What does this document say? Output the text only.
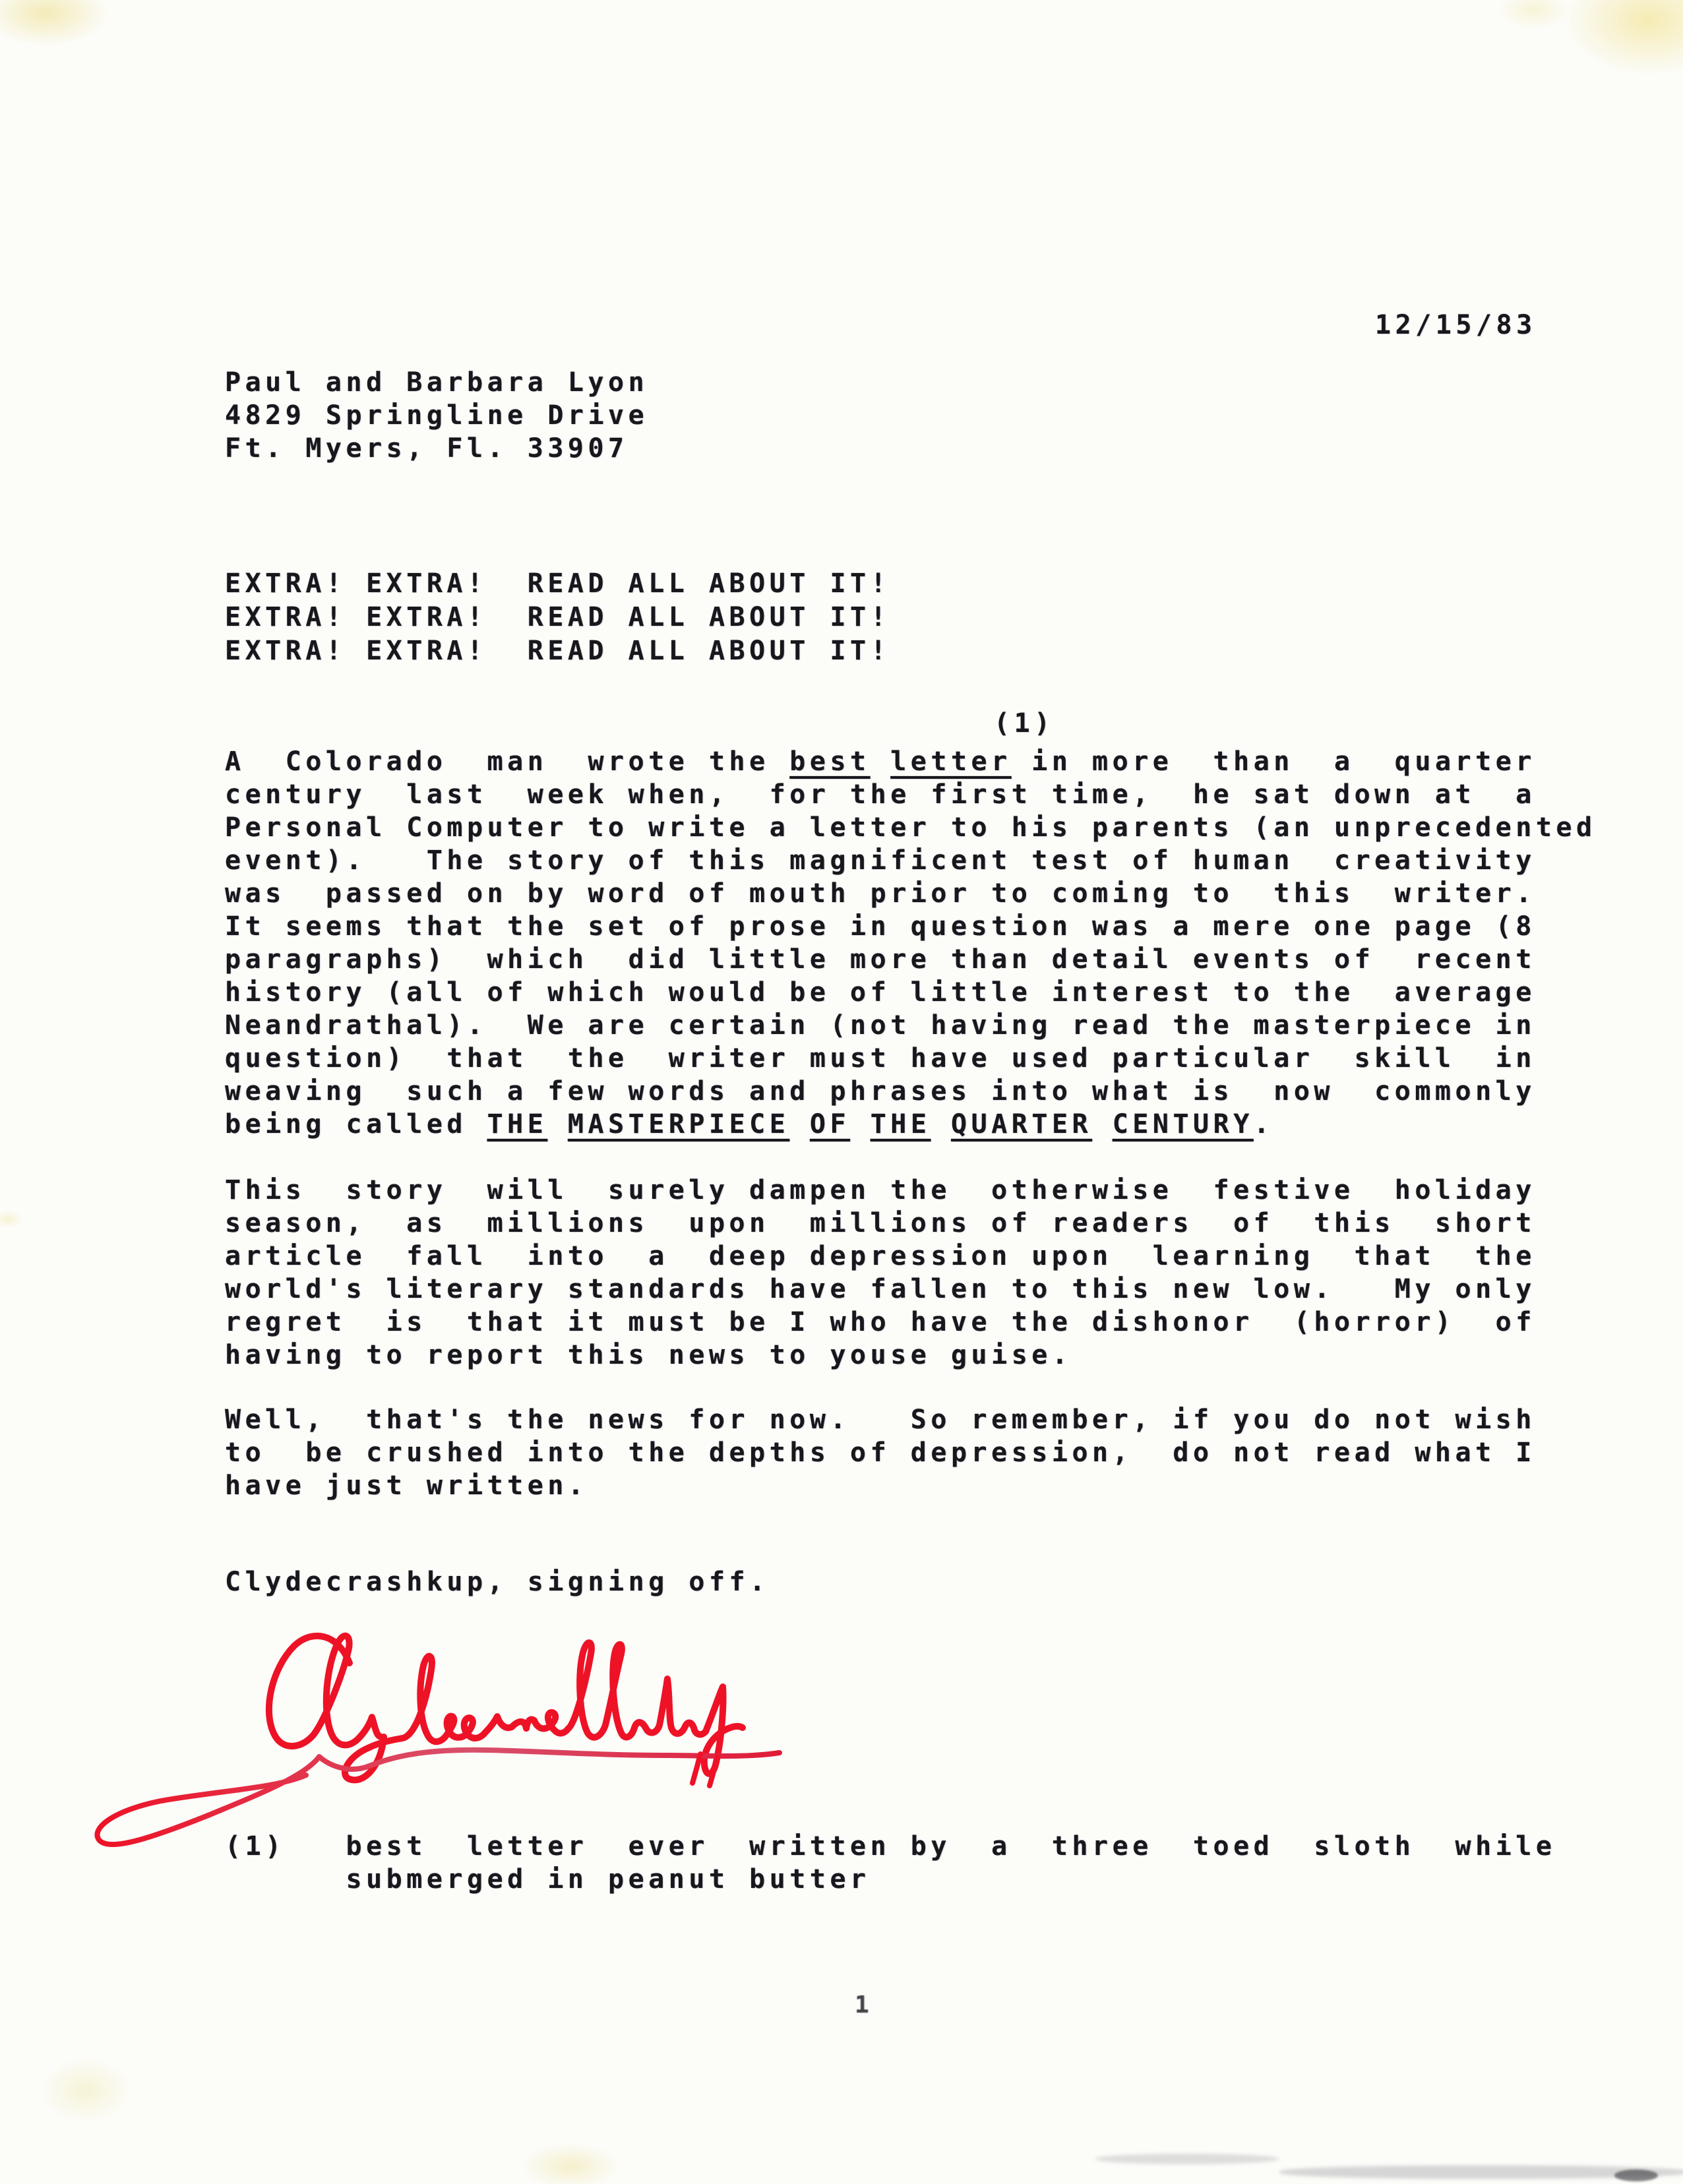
12/15/83
Paul and Barbara Lyon
4829 Springline Drive
Ft. Myers, Fl. 33907
EXTRA! EXTRA!  READ ALL ABOUT IT!
EXTRA! EXTRA!  READ ALL ABOUT IT!
EXTRA! EXTRA!  READ ALL ABOUT IT!
(1)
A  Colorado  man  wrote the best letter in more  than  a  quarter
century  last  week when,  for the first time,  he sat down at  a
Personal Computer to write a letter to his parents (an unprecedented
event).   The story of this magnificent test of human  creativity
was  passed on by word of mouth prior to coming to  this  writer.
It seems that the set of prose in question was a mere one page (8
paragraphs)  which  did little more than detail events of  recent
history (all of which would be of little interest to the  average
Neandrathal).  We are certain (not having read the masterpiece in
question)  that  the  writer must have used particular  skill  in
weaving  such a few words and phrases into what is  now  commonly
being called THE MASTERPIECE OF THE QUARTER CENTURY.
This  story  will  surely dampen the  otherwise  festive  holiday
season,  as  millions  upon  millions of readers  of  this  short
article  fall  into  a  deep depression upon  learning  that  the
world's literary standards have fallen to this new low.   My only
regret  is  that it must be I who have the dishonor  (horror)  of
having to report this news to youse guise.
Well,  that's the news for now.   So remember, if you do not wish
to  be crushed into the depths of depression,  do not read what I
have just written.
Clydecrashkup, signing off.
(1)   best  letter  ever  written by  a  three  toed  sloth  while
submerged in peanut butter
1
